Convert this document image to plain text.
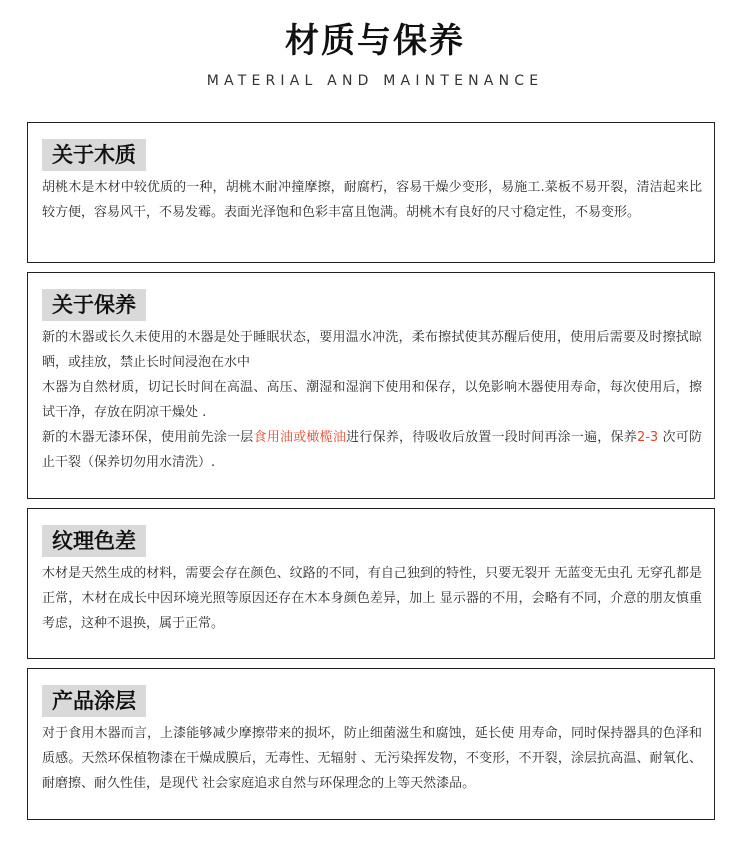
材质与保养
MATERIAL AND MAINTENANCE
关于木质

胡桃木是木材中较优质的一种，胡桃木耐冲撞摩擦，耐腐朽，容易干燥少变形，易施工.菜板不易开裂，清洁起来比较方便，容易风干，不易发霉。表面光泽饱和色彩丰富且饱满。胡桃木有良好的尺寸稳定性，不易变形。

关于保养

新的木器或长久未使用的木器是处于睡眠状态，要用温水冲洗，柔布擦拭使其苏醒后使用，使用后需要及时擦拭晾晒，或挂放，禁止长时间浸泡在水中

木器为自然材质，切记长时间在高温、高压、潮湿和湿润下使用和保存，以免影响木器使用寿命，每次使用后，擦试干净，存放在阴凉干燥处 .

新的木器无漆环保，使用前先涂一层食用油或橄榄油进行保养，待吸收后放置一段时间再涂一遍，保养2-3 次可防止干裂（保养切勿用水清洗）.

纹理色差

木材是天然生成的材料，需要会存在颜色、纹路的不同，有自己独到的特性，只要无裂开 无蓝变无虫孔 无穿孔都是正常，木材在成长中因环境光照等原因还存在木本身颜色差异，加上 显示器的不用，会略有不同，介意的朋友慎重考虑，这种不退换，属于正常。

产品涂层

对于食用木器而言，上漆能够减少摩擦带来的损坏，防止细菌滋生和腐蚀，延长使 用寿命，同时保持器具的色泽和质感。天然环保植物漆在干燥成膜后，无毒性、无辐射 、无污染挥发物，不变形，不开裂，涂层抗高温、耐氧化、耐磨擦、耐久性佳，是现代 社会家庭追求自然与环保理念的上等天然漆品。
